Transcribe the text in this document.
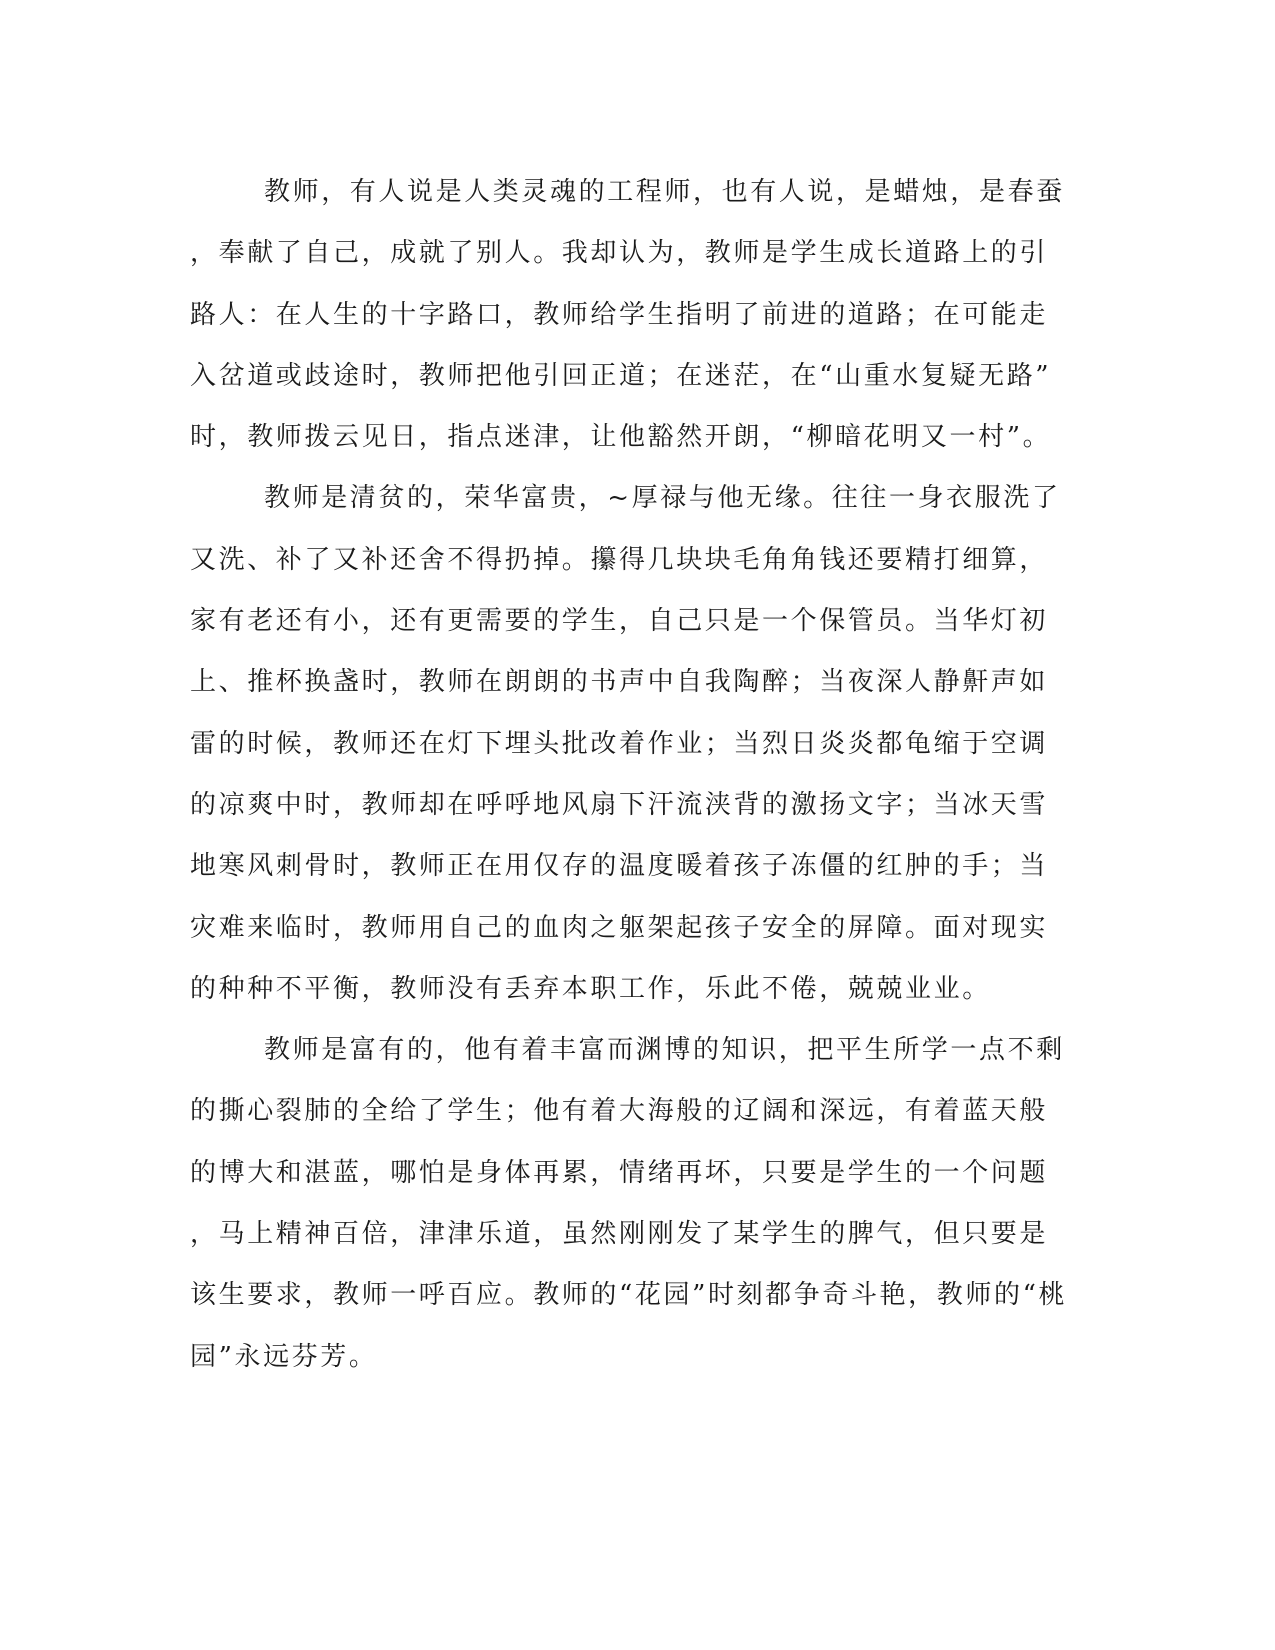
教师，有人说是人类灵魂的工程师，也有人说，是蜡烛，是春蚕
，奉献了自己，成就了别人。我却认为，教师是学生成长道路上的引
路人：在人生的十字路口，教师给学生指明了前进的道路；在可能走
入岔道或歧途时，教师把他引回正道；在迷茫，在“山重水复疑无路”
时，教师拨云见日，指点迷津，让他豁然开朗，“柳暗花明又一村”。
教师是清贫的，荣华富贵，~厚禄与他无缘。往往一身衣服洗了
又洗、补了又补还舍不得扔掉。攥得几块块毛角角钱还要精打细算，
家有老还有小，还有更需要的学生，自己只是一个保管员。当华灯初
上、推杯换盏时，教师在朗朗的书声中自我陶醉；当夜深人静鼾声如
雷的时候，教师还在灯下埋头批改着作业；当烈日炎炎都龟缩于空调
的凉爽中时，教师却在呼呼地风扇下汗流浃背的激扬文字；当冰天雪
地寒风刺骨时，教师正在用仅存的温度暖着孩子冻僵的红肿的手；当
灾难来临时，教师用自己的血肉之躯架起孩子安全的屏障。面对现实
的种种不平衡，教师没有丢弃本职工作，乐此不倦，兢兢业业。
教师是富有的，他有着丰富而渊博的知识，把平生所学一点不剩
的撕心裂肺的全给了学生；他有着大海般的辽阔和深远，有着蓝天般
的博大和湛蓝，哪怕是身体再累，情绪再坏，只要是学生的一个问题
，马上精神百倍，津津乐道，虽然刚刚发了某学生的脾气，但只要是
该生要求，教师一呼百应。教师的“花园”时刻都争奇斗艳，教师的“桃
园”永远芬芳。
